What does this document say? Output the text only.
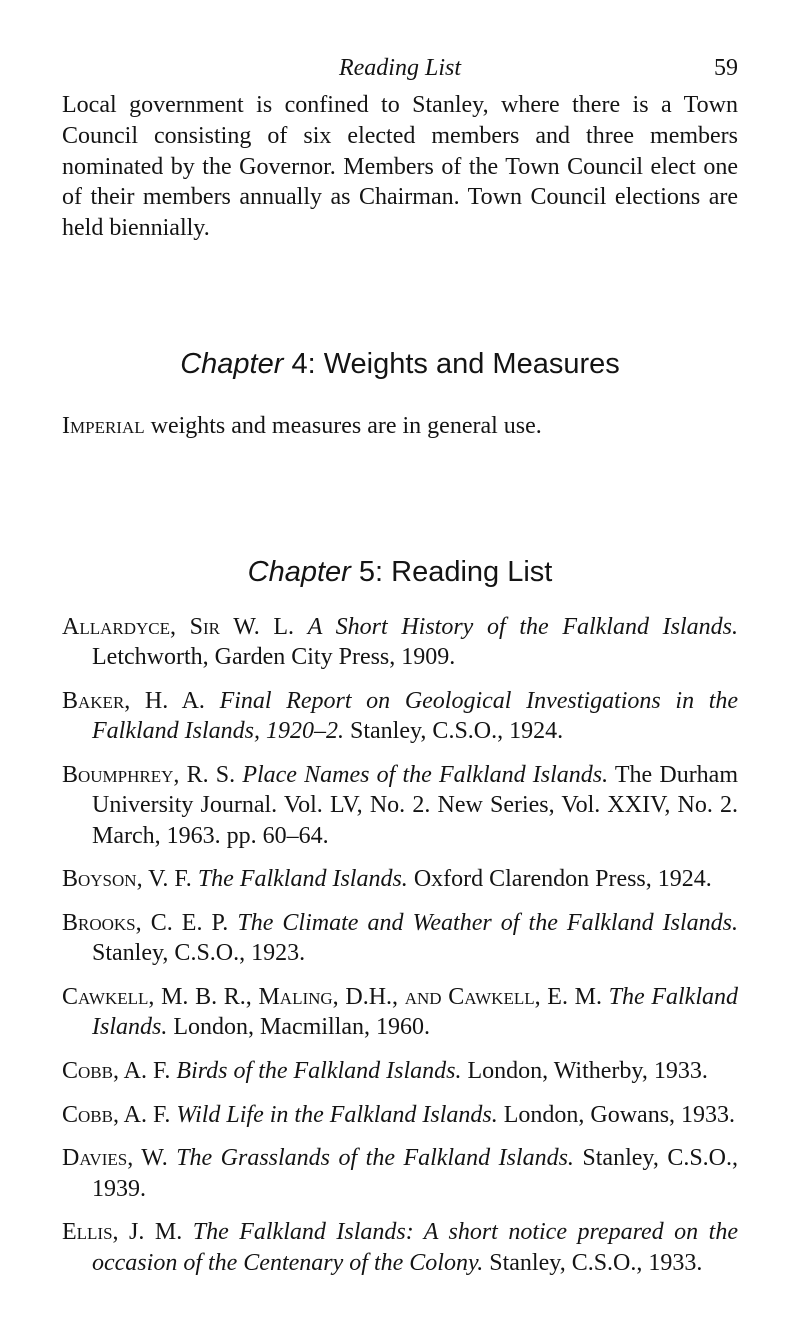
Reading List	59

Local government is confined to Stanley, where there is a Town Council consisting of six elected members and three members nominated by the Governor. Members of the Town Council elect one of their members annually as Chairman. Town Council elections are held biennially.

Chapter 4: Weights and Measures

Imperial weights and measures are in general use.

Chapter 5: Reading List
Allardyce, Sir W. L. A Short History of the Falkland Islands. Letchworth, Garden City Press, 1909.
Baker, H. A. Final Report on Geological Investigations in the Falkland Islands, 1920–2. Stanley, C.S.O., 1924.
Boumphrey, R. S. Place Names of the Falkland Islands. The Durham University Journal. Vol. LV, No. 2. New Series, Vol. XXIV, No. 2. March, 1963. pp. 60–64.
Boyson, V. F. The Falkland Islands. Oxford Clarendon Press, 1924.
Brooks, C. E. P. The Climate and Weather of the Falkland Islands. Stanley, C.S.O., 1923.
Cawkell, M. B. R., Maling, D.H., and Cawkell, E. M. The Falkland Islands. London, Macmillan, 1960.
Cobb, A. F. Birds of the Falkland Islands. London, Witherby, 1933.
Cobb, A. F. Wild Life in the Falkland Islands. London, Gowans, 1933.
Davies, W. The Grasslands of the Falkland Islands. Stanley, C.S.O., 1939.
Ellis, J. M. The Falkland Islands: A short notice prepared on the occasion of the Centenary of the Colony. Stanley, C.S.O., 1933.
